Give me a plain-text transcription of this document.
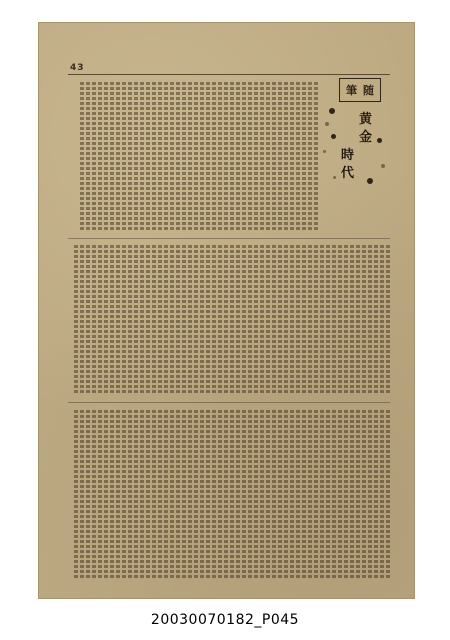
43
筆 随
黄
金
時
代
20030070182_P045
